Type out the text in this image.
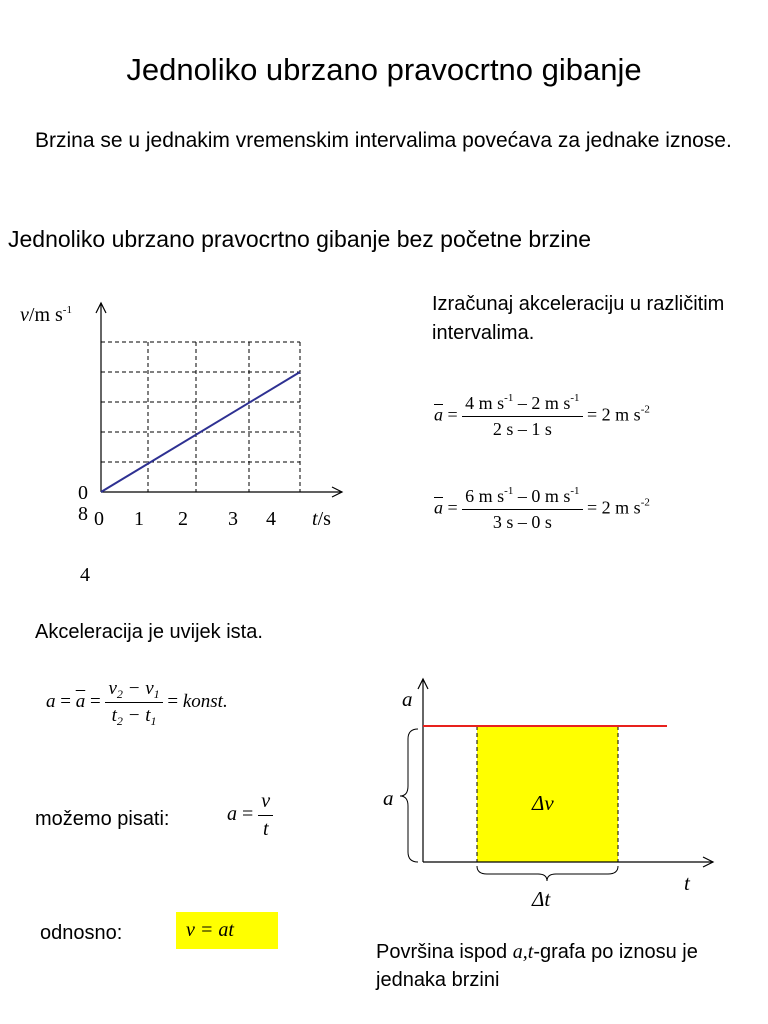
Jednoliko ubrzano pravocrtno gibanje
Brzina se u jednakim vremenskim intervalima povećava za jednake iznose.
Jednoliko ubrzano pravocrtno gibanje bez početne brzine
Izračunaj akceleraciju u različitim intervalima.
v/m $s^{-1}$
0
8
4
0 1 2 3 4 t/s
$\overline{a} = \frac{4 m s^{-1} - 2 m s^{-1}}{2 s - 1 s} = 2$ m $s^{-2}$
$\overline{a} = \frac{6 m s^{-1} - 0 m s^{-1}}{3 s - 0 s} = 2$ m $s^{-2}$
Akceleracija je uvijek ista.
$a = \overline{a} = \frac{v_2 - v_1}{t_2 - t_1}$ = konst.
možemo pisati:	$a = \frac{v}{t}$
odnosno:	v = at
a
a
t
Δv
Δt
Površina ispod a,t-grafa po iznosu je jednaka brzini
